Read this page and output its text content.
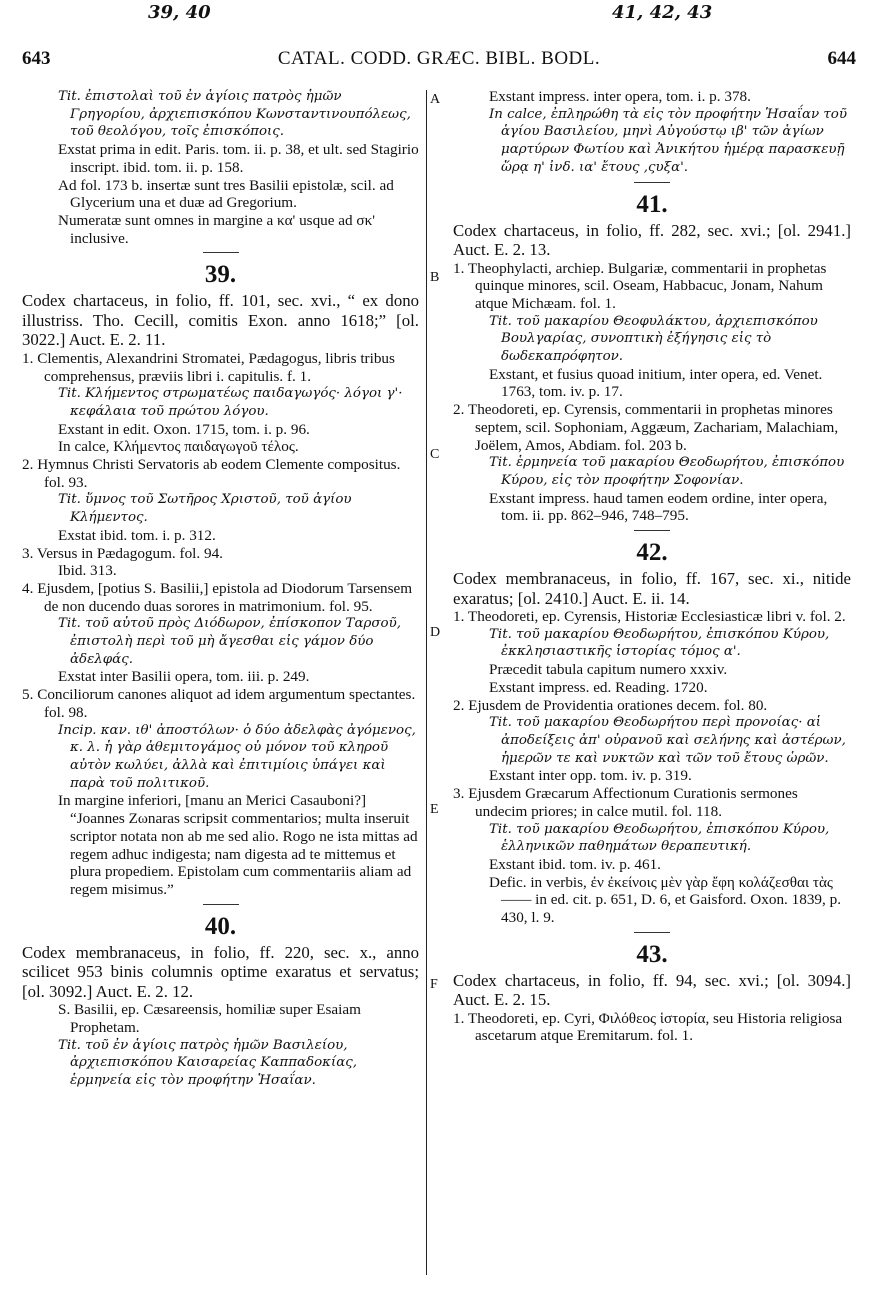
39, 40	41, 42, 43
643	CATAL. CODD. GRÆC. BIBL. BODL.	644
A
B
C
D
E
F

Tit. ἐπιστολαὶ τοῦ ἐν ἁγίοις πατρὸς ἡμῶν Γρηγορίου, ἀρχιεπισκόπου Κωνσταντινουπόλεως, τοῦ θεολόγου, τοῖς ἐπισκόποις.

Exstat prima in edit. Paris. tom. ii. p. 38, et ult. sed Stagirio inscript. ibid. tom. ii. p. 158.

Ad fol. 173 b. insertæ sunt tres Basilii epistolæ, scil. ad Glycerium una et duæ ad Gregorium.

Numeratæ sunt omnes in margine a κα' usque ad σκ' inclusive.

39.

Codex chartaceus, in folio, ff. 101, sec. xvi., “ ex dono illustriss. Tho. Cecill, comitis Exon. anno 1618;” [ol. 3022.] Auct. E. 2. 11.

1. Clementis, Alexandrini Stromatei, Pædagogus, libris tribus comprehensus, præviis libri i. capitulis. f. 1.

Tit. Κλήμεντος στρωματέως παιδαγωγός· λόγοι γ'· κεφάλαια τοῦ πρώτου λόγου.

Exstant in edit. Oxon. 1715, tom. i. p. 96.

In calce, Κλήμεντος παιδαγωγοῦ τέλος.

2. Hymnus Christi Servatoris ab eodem Clemente compositus. fol. 93.

Tit. ὕμνος τοῦ Σωτῆρος Χριστοῦ, τοῦ ἁγίου Κλήμεντος.

Exstat ibid. tom. i. p. 312.

3. Versus in Pædagogum. fol. 94.

Ibid. 313.

4. Ejusdem, [potius S. Basilii,] epistola ad Diodorum Tarsensem de non ducendo duas sorores in matrimonium. fol. 95.

Tit. τοῦ αὐτοῦ πρὸς Διόδωρον, ἐπίσκοπον Ταρσοῦ, ἐπιστολὴ περὶ τοῦ μὴ ἄγεσθαι εἰς γάμον δύο ἀδελφάς.

Exstat inter Basilii opera, tom. iii. p. 249.

5. Conciliorum canones aliquot ad idem argumentum spectantes. fol. 98.

Incip. καν. ιθ' ἀποστόλων· ὁ δύο ἀδελφὰς ἀγόμενος, κ. λ. ἡ γὰρ ἀθεμιτογάμος οὐ μόνον τοῦ κληροῦ αὐτὸν κωλύει, ἀλλὰ καὶ ἐπιτιμίοις ὑπάγει καὶ παρὰ τοῦ πολιτικοῦ.

In margine inferiori, [manu an Merici Casauboni?] “Joannes Zωnaras scripsit commentarios; multa inseruit scriptor notata non ab me sed alio. Rogo ne ista mittas ad regem adhuc indigesta; nam digesta ad te mittemus et plura propediem. Epistolam cum commentariis aliam ad regem misimus.”

40.

Codex membranaceus, in folio, ff. 220, sec. x., anno scilicet 953 binis columnis optime exaratus et servatus; [ol. 3092.] Auct. E. 2. 12.

S. Basilii, ep. Cæsareensis, homiliæ super Esaiam Prophetam.

Tit. τοῦ ἐν ἁγίοις πατρὸς ἡμῶν Βασιλείου, ἀρχιεπισκόπου Καισαρείας Καππαδοκίας, ἑρμηνεία εἰς τὸν προφήτην Ἡσαΐαν.

Exstant impress. inter opera, tom. i. p. 378.

In calce, ἐπληρώθη τὰ εἰς τὸν προφήτην Ἡσαΐαν τοῦ ἁγίου Βασιλείου, μηνὶ Αὐγούστῳ ιβ' τῶν ἁγίων μαρτύρων Φωτίου καὶ Ἀνικήτου ἡμέρᾳ παρασκευῇ ὥρᾳ η' ἰνδ. ια' ἔτους ,ςυξα'.

41.

Codex chartaceus, in folio, ff. 282, sec. xvi.; [ol. 2941.] Auct. E. 2. 13.

1. Theophylacti, archiep. Bulgariæ, commentarii in prophetas quinque minores, scil. Oseam, Habbacuc, Jonam, Nahum atque Michæam. fol. 1.

Tit. τοῦ μακαρίου Θεοφυλάκτου, ἀρχιεπισκόπου Βουλγαρίας, συνοπτικὴ ἐξήγησις εἰς τὸ δωδεκαπρόφητον.

Exstant, et fusius quoad initium, inter opera, ed. Venet. 1763, tom. iv. p. 17.

2. Theodoreti, ep. Cyrensis, commentarii in prophetas minores septem, scil. Sophoniam, Aggæum, Zachariam, Malachiam, Joëlem, Amos, Abdiam. fol. 203 b.

Tit. ἑρμηνεία τοῦ μακαρίου Θεοδωρήτου, ἐπισκόπου Κύρου, εἰς τὸν προφήτην Σοφονίαν.

Exstant impress. haud tamen eodem ordine, inter opera, tom. ii. pp. 862–946, 748–795.

42.

Codex membranaceus, in folio, ff. 167, sec. xi., nitide exaratus; [ol. 2410.] Auct. E. ii. 14.

1. Theodoreti, ep. Cyrensis, Historiæ Ecclesiasticæ libri v. fol. 2.

Tit. τοῦ μακαρίου Θεοδωρήτου, ἐπισκόπου Κύρου, ἐκκλησιαστικῆς ἱστορίας τόμος α'.

Præcedit tabula capitum numero xxxiv.

Exstant impress. ed. Reading. 1720.

2. Ejusdem de Providentia orationes decem. fol. 80.

Tit. τοῦ μακαρίου Θεοδωρήτου περὶ προνοίας· αἱ ἀποδείξεις ἀπ' οὐρανοῦ καὶ σελήνης καὶ ἀστέρων, ἡμερῶν τε καὶ νυκτῶν καὶ τῶν τοῦ ἔτους ὡρῶν.

Exstant inter opp. tom. iv. p. 319.

3. Ejusdem Græcarum Affectionum Curationis sermones undecim priores; in calce mutil. fol. 118.

Tit. τοῦ μακαρίου Θεοδωρήτου, ἐπισκόπου Κύρου, ἑλληνικῶν παθημάτων θεραπευτική.

Exstant ibid. tom. iv. p. 461.

Defic. in verbis, ἐν ἐκείνοις μὲν γὰρ ἔφη κολάζεσθαι τὰς—— in ed. cit. p. 651, D. 6, et Gaisford. Oxon. 1839, p. 430, l. 9.

43.

Codex chartaceus, in folio, ff. 94, sec. xvi.; [ol. 3094.] Auct. E. 2. 15.

1. Theodoreti, ep. Cyri, Φιλόθεος ἱστορία, seu Historia religiosa ascetarum atque Eremitarum. fol. 1.
